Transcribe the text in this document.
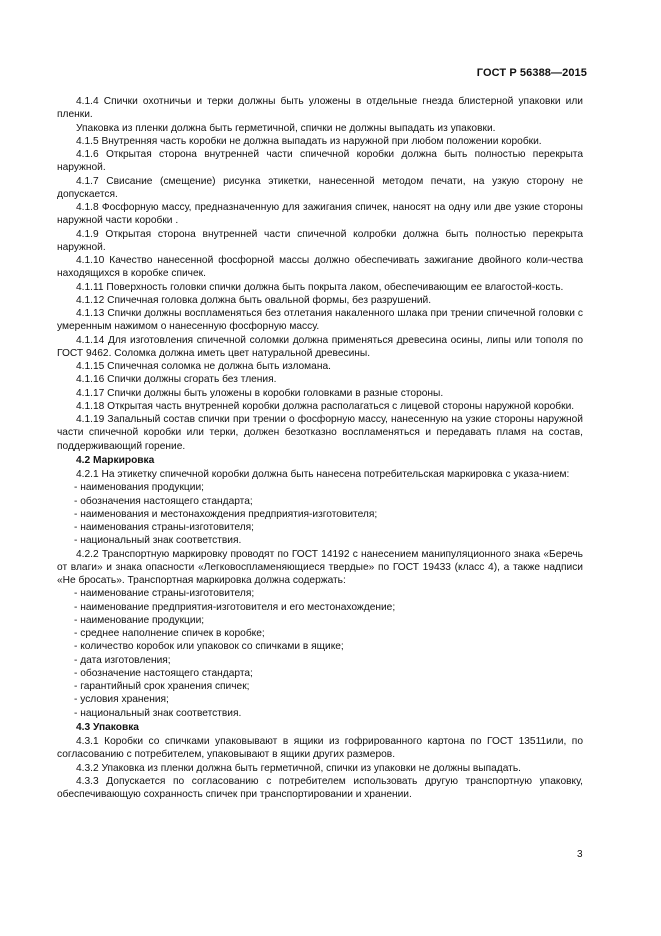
ГОСТ Р 56388—2015
4.1.4 Спички охотничьи и терки должны быть уложены в отдельные гнезда блистерной упаковки или пленки.
Упаковка из пленки должна быть герметичной, спички не должны выпадать из упаковки.
4.1.5 Внутренняя часть коробки не должна выпадать из наружной при любом положении коробки.
4.1.6 Открытая сторона внутренней части спичечной коробки должна быть полностью перекрыта наружной.
4.1.7 Свисание (смещение) рисунка этикетки, нанесенной методом печати, на узкую сторону не допускается.
4.1.8 Фосфорную массу, предназначенную для зажигания спичек, наносят на одну или две узкие стороны наружной части коробки .
4.1.9 Открытая сторона внутренней части спичечной колробки должна быть полностью перекрыта наружной.
4.1.10 Качество нанесенной фосфорной массы должно обеспечивать зажигание двойного коли-чества находящихся в коробке спичек.
4.1.11 Поверхность головки спички должна быть покрыта лаком, обеспечивающим ее влагостой-кость.
4.1.12 Спичечная головка должна быть овальной формы, без разрушений.
4.1.13 Спички должны воспламеняться без отлетания накаленного шлака при трении спичечной головки с умеренным нажимом о нанесенную фосфорную массу.
4.1.14 Для изготовления спичечной соломки должна применяться древесина осины, липы или тополя по ГОСТ 9462. Соломка должна иметь цвет натуральной древесины.
4.1.15 Спичечная соломка не должна быть изломана.
4.1.16 Спички должны сгорать без тления.
4.1.17 Спички должны быть уложены в коробки головками в разные стороны.
4.1.18 Открытая часть внутренней коробки должна располагаться с лицевой стороны наружной коробки.
4.1.19 Запальный состав спички при трении о фосфорную массу, нанесенную на узкие стороны наружной части спичечной коробки или терки, должен безотказно воспламеняться и передавать пламя на состав, поддерживающий горение.
4.2 Маркировка
4.2.1 На этикетку спичечной коробки должна быть нанесена потребительская маркировка с указа-нием:
- наименования продукции;
- обозначения настоящего стандарта;
- наименования и местонахождения предприятия-изготовителя;
- наименования страны-изготовителя;
- национальный знак соответствия.
4.2.2 Транспортную маркировку проводят по ГОСТ 14192 с нанесением манипуляционного знака «Беречь от влаги» и знака опасности «Легковоспламеняющиеся твердые» по ГОСТ 19433 (класс 4), а также надписи «Не бросать». Транспортная маркировка должна содержать:
- наименование страны-изготовителя;
- наименование предприятия-изготовителя и его местонахождение;
- наименование продукции;
- среднее наполнение спичек в коробке;
- количество коробок или упаковок со спичками в ящике;
- дата изготовления;
- обозначение настоящего стандарта;
- гарантийный срок хранения спичек;
- условия хранения;
- национальный знак соответствия.
4.3 Упаковка
4.3.1 Коробки со спичками упаковывают в ящики из гофрированного картона по ГОСТ 13511или, по согласованию с потребителем, упаковывают в ящики других размеров.
4.3.2 Упаковка из пленки должна быть герметичной, спички из упаковки не должны выпадать.
4.3.3 Допускается по согласованию с потребителем использовать другую транспортную упаковку, обеспечивающую сохранность спичек при транспортировании и хранении.
3
